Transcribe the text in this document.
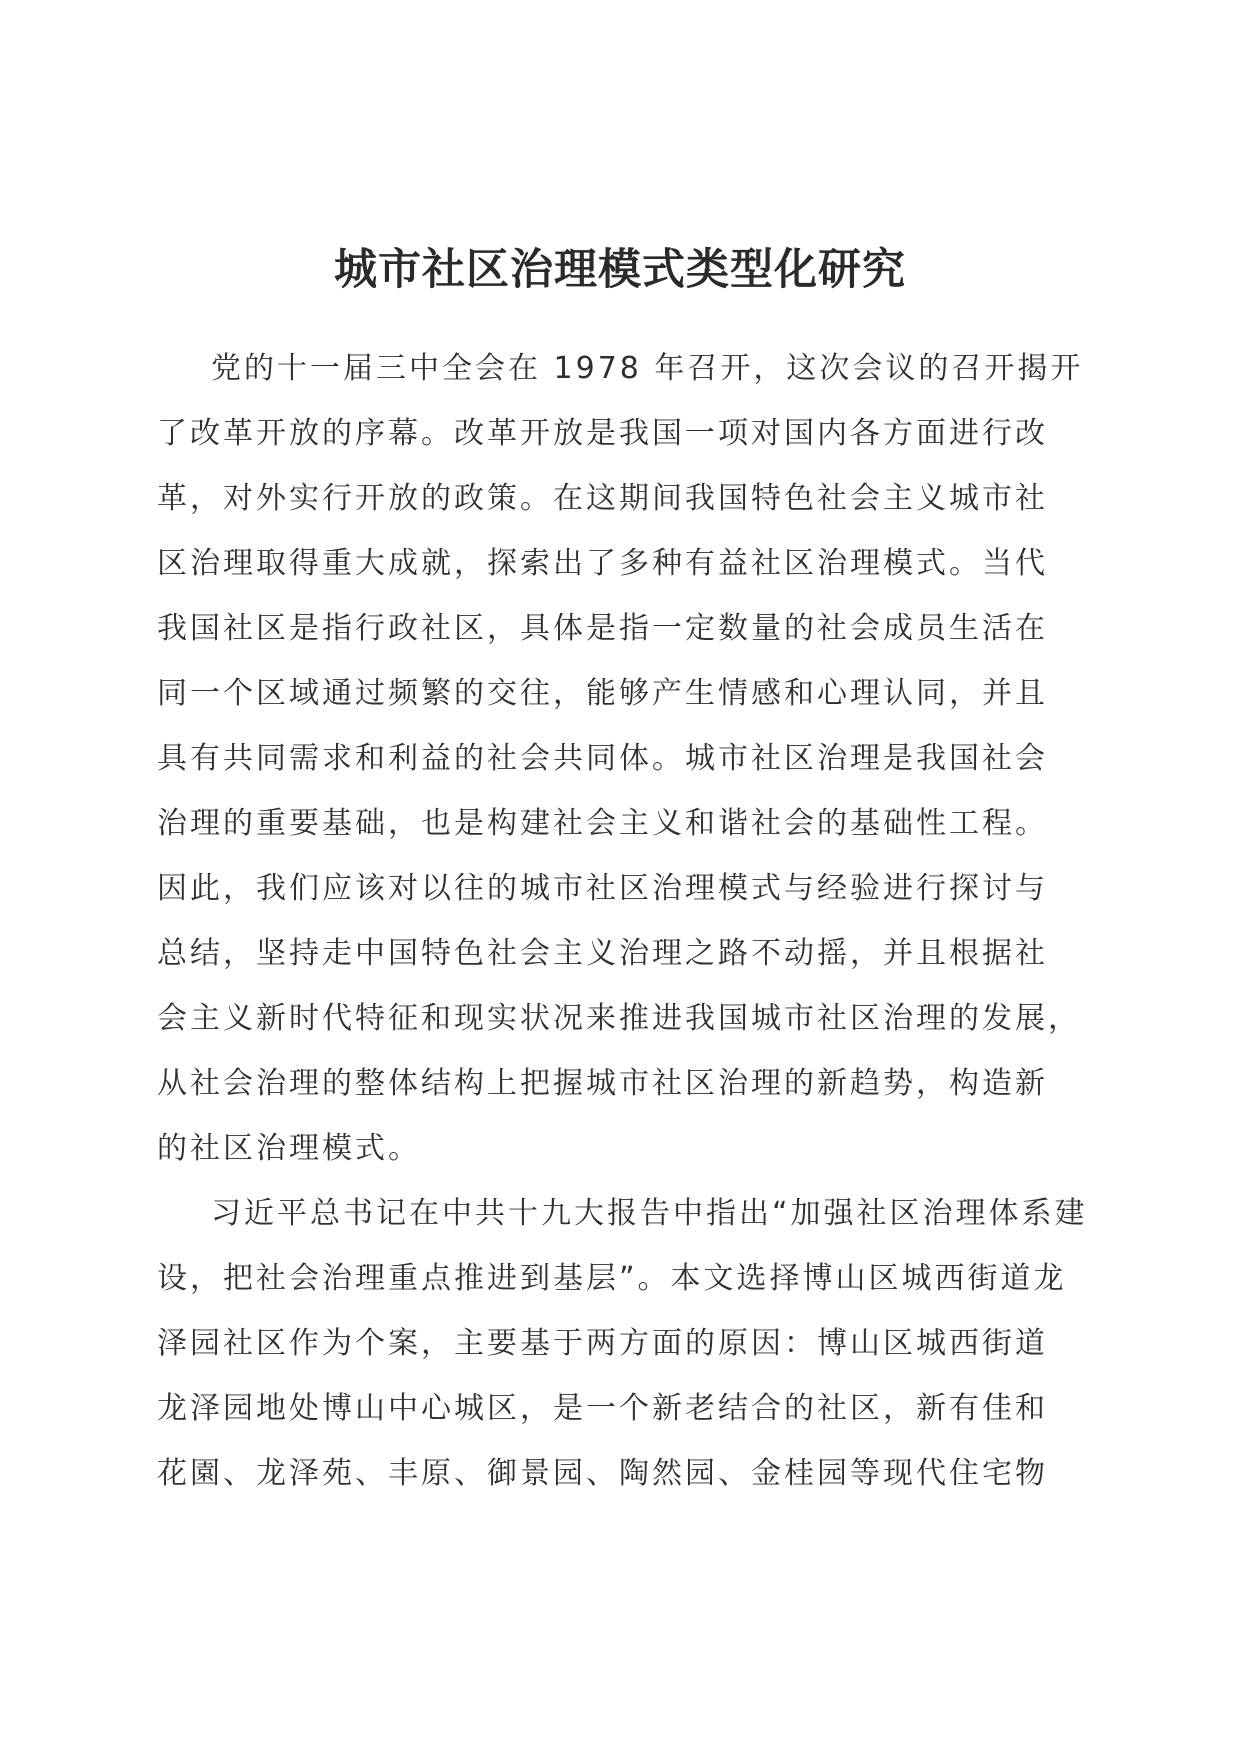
城市社区治理模式类型化研究
党的十一届三中全会在 1978 年召开，这次会议的召开揭开
了改革开放的序幕。改革开放是我国一项对国内各方面进行改
革，对外实行开放的政策。在这期间我国特色社会主义城市社
区治理取得重大成就，探索出了多种有益社区治理模式。当代
我国社区是指行政社区，具体是指一定数量的社会成员生活在
同一个区域通过频繁的交往，能够产生情感和心理认同，并且
具有共同需求和利益的社会共同体。城市社区治理是我国社会
治理的重要基础，也是构建社会主义和谐社会的基础性工程。
因此，我们应该对以往的城市社区治理模式与经验进行探讨与
总结，坚持走中国特色社会主义治理之路不动摇，并且根据社
会主义新时代特征和现实状况来推进我国城市社区治理的发展，
从社会治理的整体结构上把握城市社区治理的新趋势，构造新
的社区治理模式。
习近平总书记在中共十九大报告中指出“加强社区治理体系建
设，把社会治理重点推进到基层”。本文选择博山区城西街道龙
泽园社区作为个案，主要基于两方面的原因：博山区城西街道
龙泽园地处博山中心城区，是一个新老结合的社区，新有佳和
花園、龙泽苑、丰原、御景园、陶然园、金桂园等现代住宅物
